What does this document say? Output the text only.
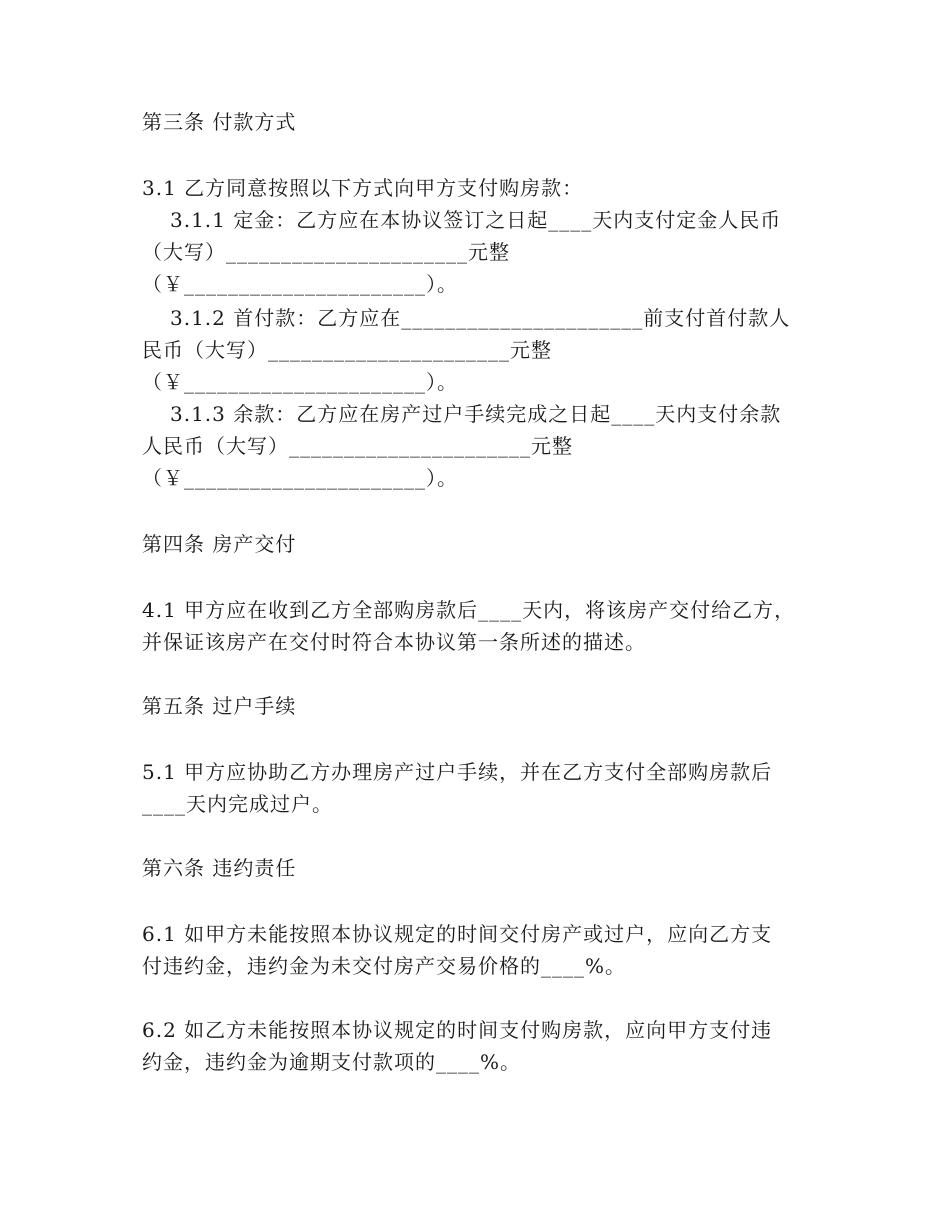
第三条 付款方式
3.1 乙方同意按照以下方式向甲方支付购房款：
3.1.1 定金：乙方应在本协议签订之日起____天内支付定金人民币
（大写）______________________元整
（￥______________________）。
3.1.2 首付款：乙方应在______________________前支付首付款人
民币（大写）______________________元整
（￥______________________）。
3.1.3 余款：乙方应在房产过户手续完成之日起____天内支付余款
人民币（大写）______________________元整
（￥______________________）。
第四条 房产交付
4.1 甲方应在收到乙方全部购房款后____天内，将该房产交付给乙方，
并保证该房产在交付时符合本协议第一条所述的描述。
第五条 过户手续
5.1 甲方应协助乙方办理房产过户手续，并在乙方支付全部购房款后
____天内完成过户。
第六条 违约责任
6.1 如甲方未能按照本协议规定的时间交付房产或过户，应向乙方支
付违约金，违约金为未交付房产交易价格的____%。
6.2 如乙方未能按照本协议规定的时间支付购房款，应向甲方支付违
约金，违约金为逾期支付款项的____%。
